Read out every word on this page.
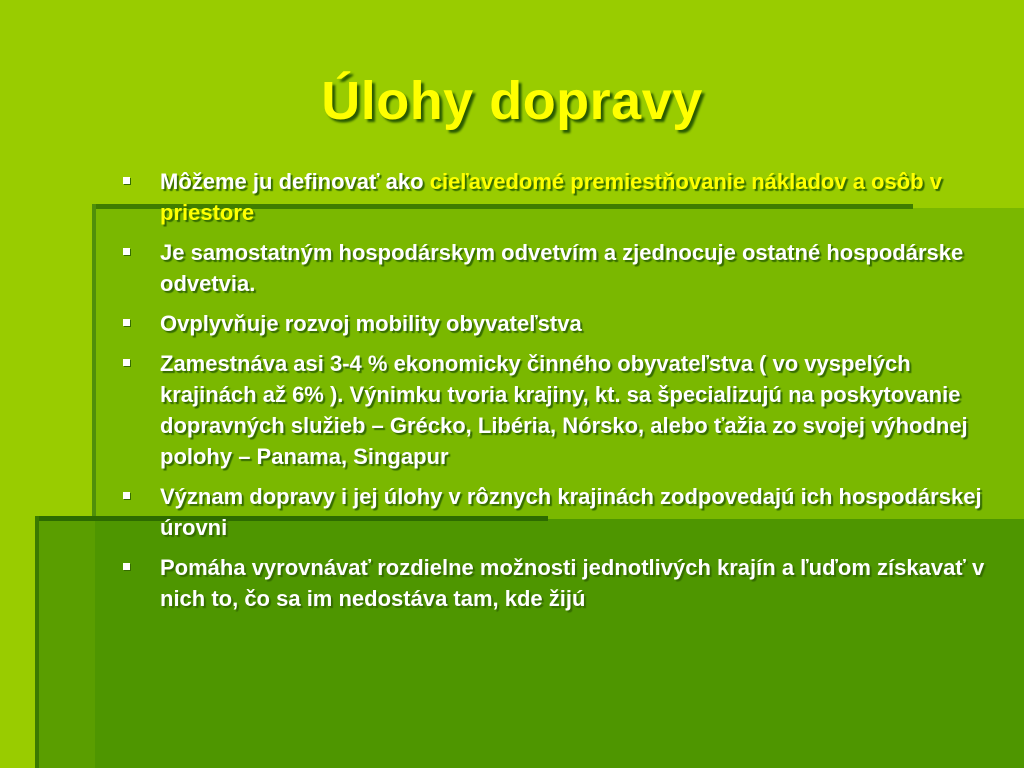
Úlohy dopravy
Môžeme ju definovať ako cieľavedomé premiestňovanie nákladov a osôb v priestore
Je samostatným hospodárskym odvetvím a zjednocuje ostatné hospodárske odvetvia.
Ovplyvňuje rozvoj mobility obyvateľstva
Zamestnáva asi 3-4 % ekonomicky činného obyvateľstva ( vo vyspelých krajinách až 6% ). Výnimku tvoria krajiny, kt. sa špecializujú na poskytovanie dopravných služieb – Grécko, Libéria, Nórsko, alebo ťažia zo svojej výhodnej polohy – Panama, Singapur
Význam dopravy i jej úlohy v rôznych krajinách zodpovedajú ich hospodárskej úrovni
Pomáha vyrovnávať rozdielne možnosti jednotlivých krajín a ľuďom získavať v nich to, čo sa im nedostáva tam, kde žijú
